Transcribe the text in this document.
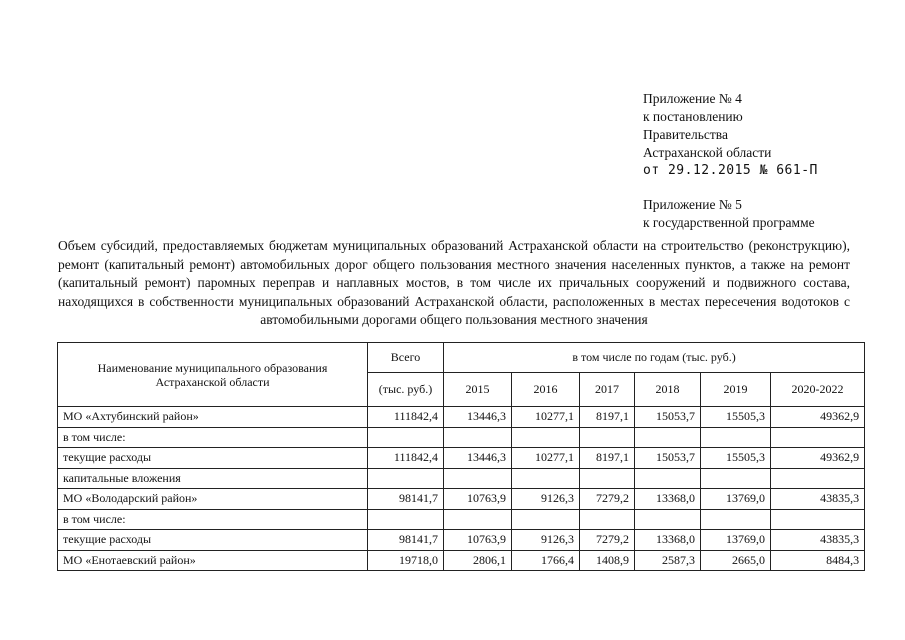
Приложение № 4
к постановлению
Правительства
Астраханской области
от 29.12.2015 № 661-П
Приложение № 5
к государственной программе
Объем субсидий, предоставляемых бюджетам муниципальных образований Астраханской области на строительство (реконструкцию), ремонт (капитальный ремонт) автомобильных дорог общего пользования местного значения населенных пунктов, а также на ремонт (капитальный ремонт) паромных переправ и наплавных мостов, в том числе их причальных сооружений и подвижного состава, находящихся в собственности муниципальных образований Астраханской области, расположенных в местах пересечения водотоков с автомобильными дорогами общего пользования местного значения
Наименование муниципального образования Астраханской области	Всего	в том числе по годам (тыс. руб.)					
	(тыс. руб.)	2015	2016	2017	2018	2019	2020-2022
МО «Ахтубинский район»	111842,4	13446,3	10277,1	8197,1	15053,7	15505,3	49362,9
в том числе:							
текущие расходы	111842,4	13446,3	10277,1	8197,1	15053,7	15505,3	49362,9
капитальные вложения							
МО «Володарский район»	98141,7	10763,9	9126,3	7279,2	13368,0	13769,0	43835,3
в том числе:							
текущие расходы	98141,7	10763,9	9126,3	7279,2	13368,0	13769,0	43835,3
МО «Енотаевский район»	19718,0	2806,1	1766,4	1408,9	2587,3	2665,0	8484,3
